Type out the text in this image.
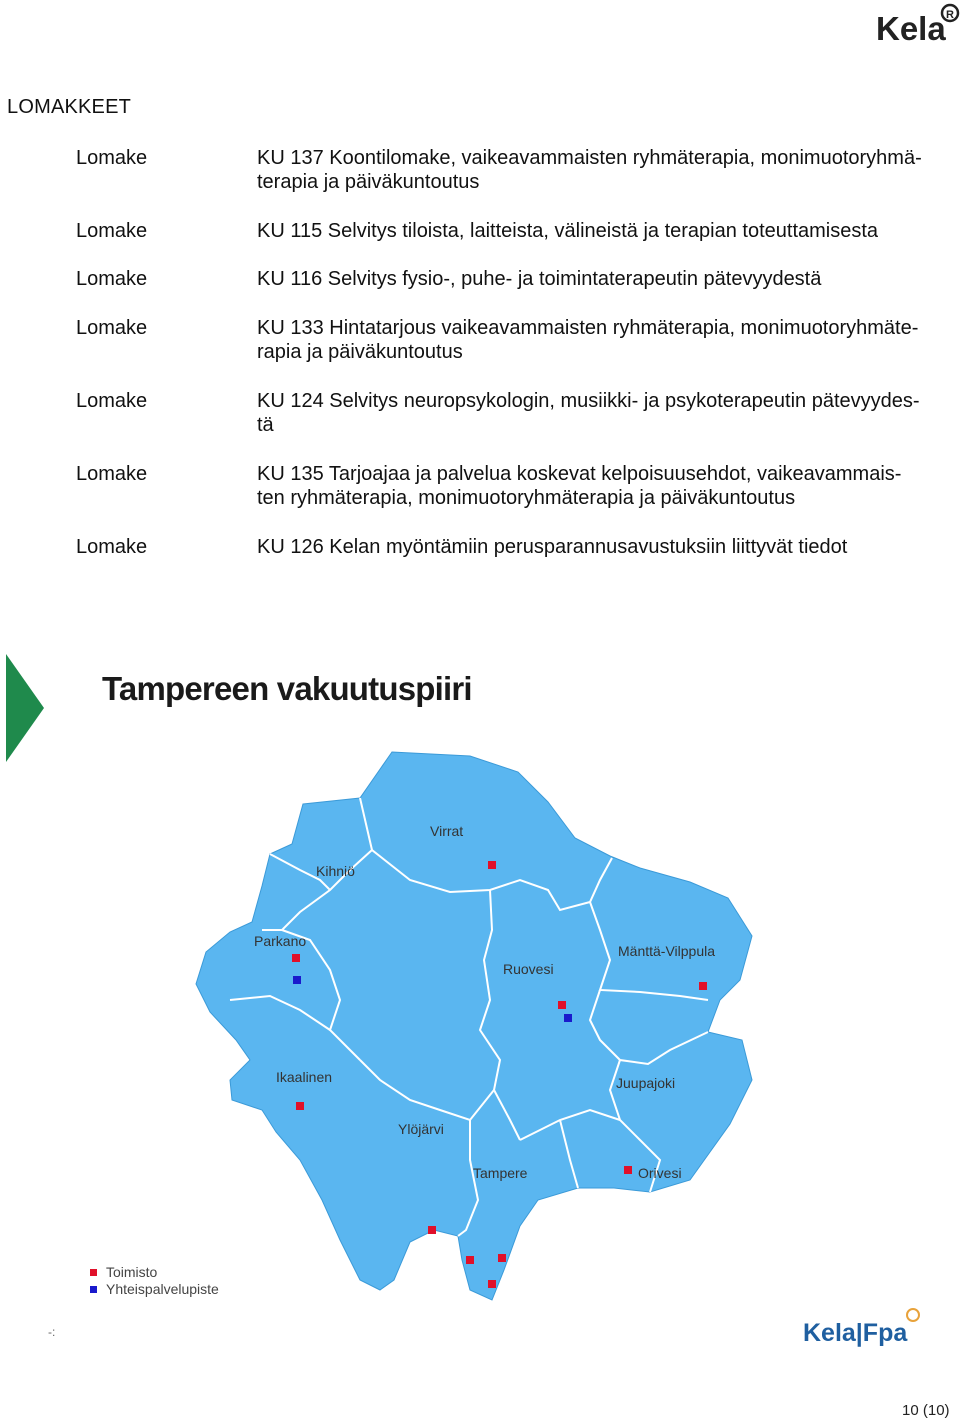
Kela R
LOMAKKEET
Lomake	KU 137 Koontilomake, vaikeavammaisten ryhmäterapia, monimuotoryhmä-
terapia ja päiväkuntoutus
Lomake	KU 115 Selvitys tiloista, laitteista, välineistä ja terapian toteuttamisesta
Lomake	KU 116 Selvitys fysio-, puhe- ja toimintaterapeutin pätevyydestä
Lomake	KU 133 Hintatarjous vaikeavammaisten ryhmäterapia, monimuotoryhmäte-
rapia ja päiväkuntoutus
Lomake	KU 124 Selvitys neuropsykologin, musiikki- ja psykoterapeutin pätevyydes-
tä
Lomake	KU 135 Tarjoajaa ja palvelua koskevat kelpoisuusehdot, vaikeavammais-
ten ryhmäterapia, monimuotoryhmäterapia ja päiväkuntoutus
Lomake	KU 126 Kelan myöntämiin perusparannusavustuksiin liittyvät tiedot
Virrat
Kihniö
Parkano
Ruovesi
Mänttä-Vilppula
Ikaalinen	Juupajoki
Ylöjärvi
Tampere	Orivesi
Tampereen vakuutuspiiri
Toimisto
Yhteispalvelupiste
-:	Kela|Fpa
10 (10)
